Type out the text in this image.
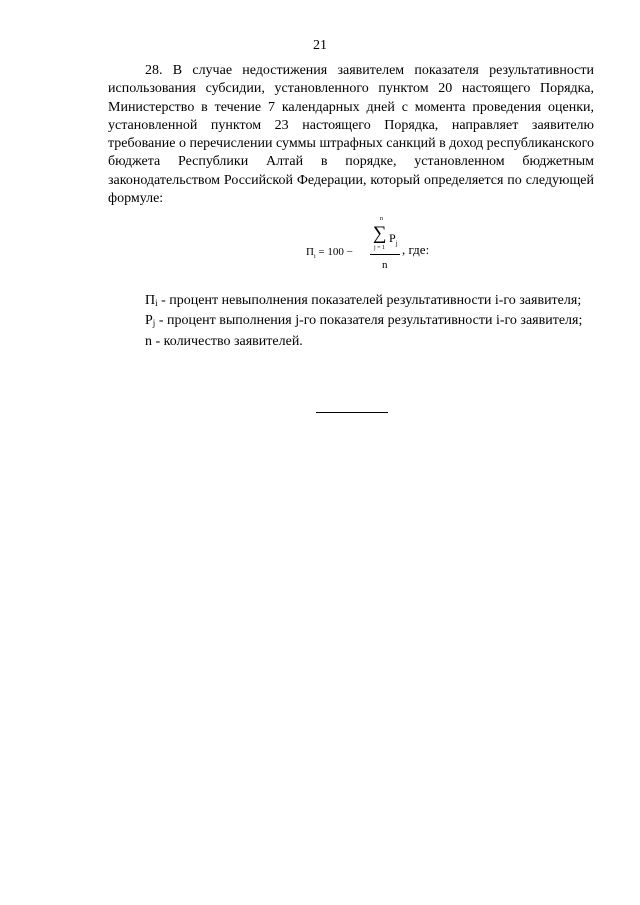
21

28. В случае недостижения заявителем показателя результативности использования субсидии, установленного пунктом 20 настоящего Порядка, Министерство в течение 7 календарных дней с момента проведения оценки, установленной пунктом 23 настоящего Порядка, направляет заявителю требование о перечислении суммы штрафных санкций в доход республиканского бюджета Республики Алтай в порядке, установленном бюджетным законодательством Российской Федерации, который определяется по следующей формуле:

$П_i = 100$ −
n
∑
j = 1
$P_j$
n
, где:

$П_i$ - процент невыполнения показателей результативности i-го заявителя;

$P_j$ - процент выполнения j-го показателя результативности i-го заявителя;

n - количество заявителей.
